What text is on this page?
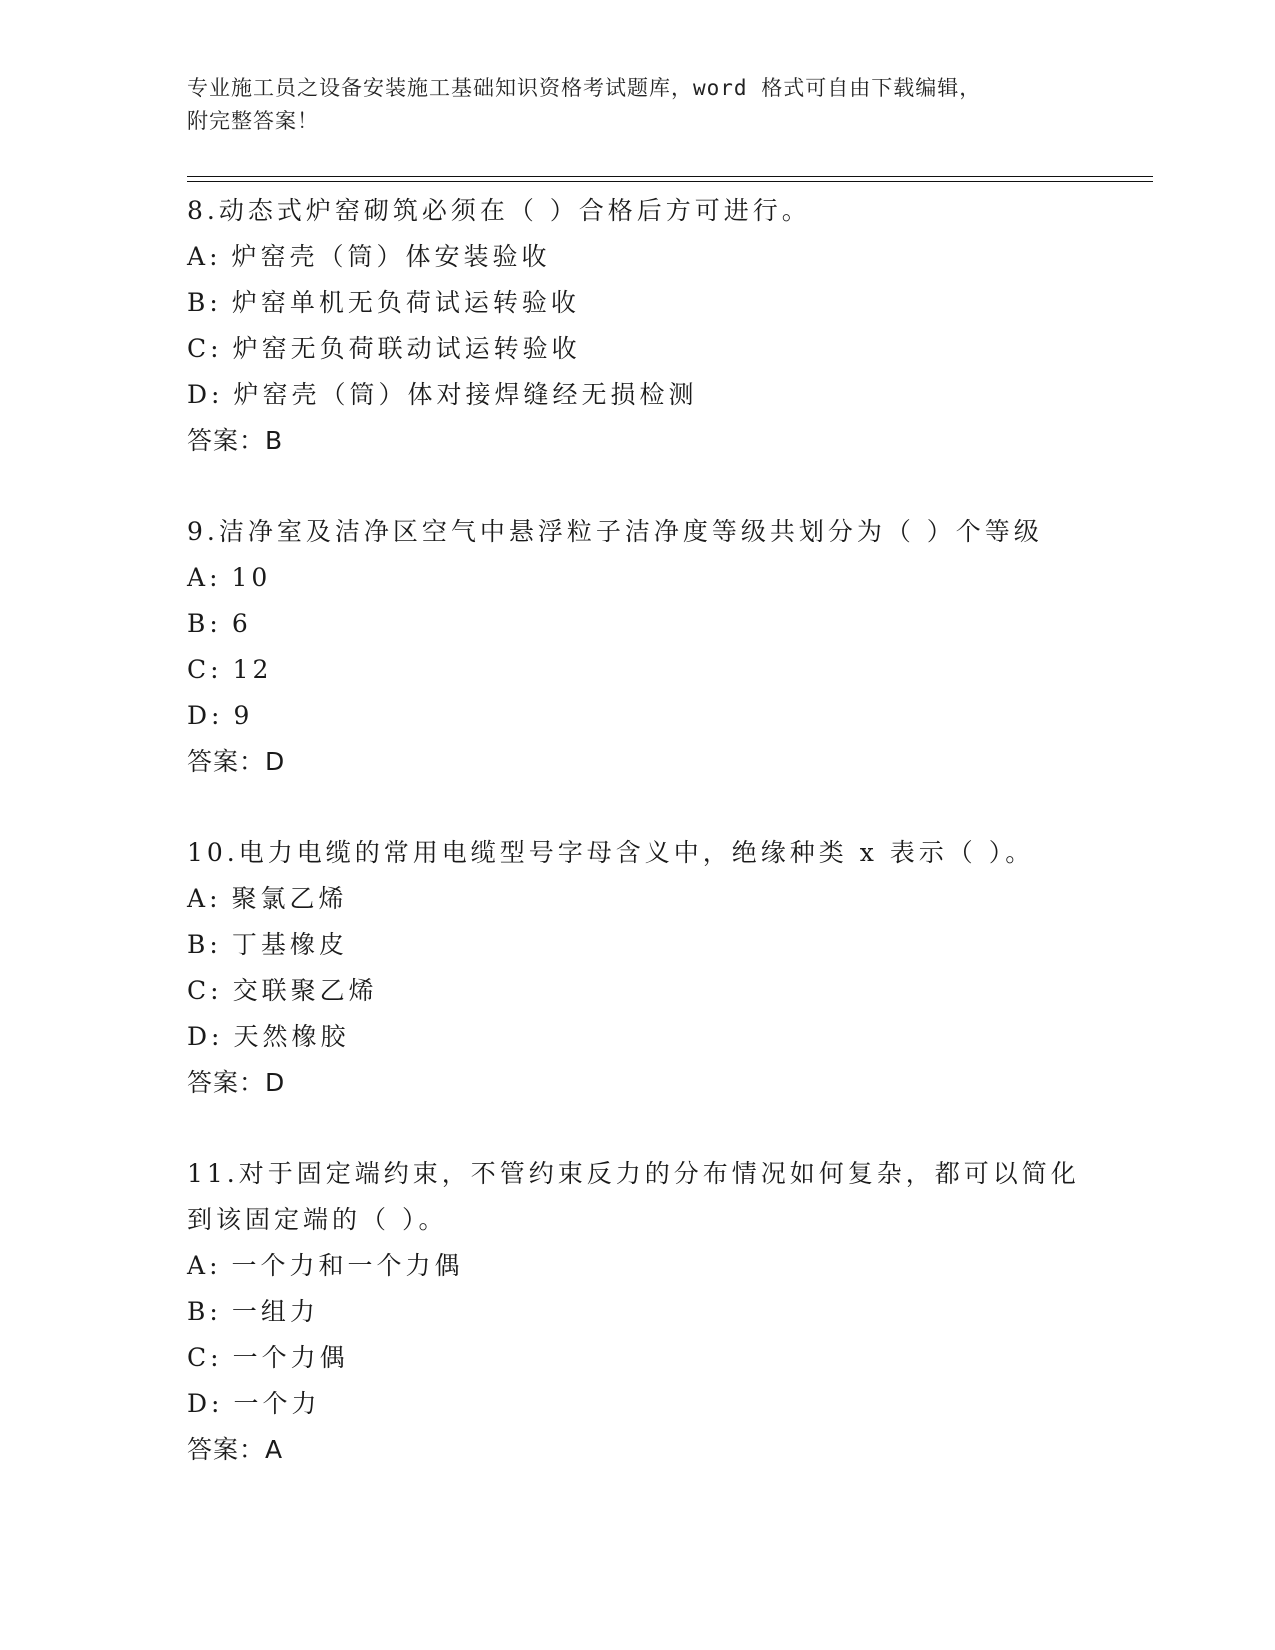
专业施工员之设备安装施工基础知识资格考试题库，word 格式可自由下载编辑，
附完整答案！
8.动态式炉窑砌筑必须在（ ）合格后方可进行。
A: 炉窑壳（筒）体安装验收
B: 炉窑单机无负荷试运转验收
C: 炉窑无负荷联动试运转验收
D: 炉窑壳（筒）体对接焊缝经无损检测
答案：B
9.洁净室及洁净区空气中悬浮粒子洁净度等级共划分为（ ）个等级
A: 10
B: 6
C: 12
D: 9
答案：D
10.电力电缆的常用电缆型号字母含义中，绝缘种类 x 表示（ ）。
A: 聚氯乙烯
B: 丁基橡皮
C: 交联聚乙烯
D: 天然橡胶
答案：D
11.对于固定端约束，不管约束反力的分布情况如何复杂，都可以简化到该固定端的（ ）。
A: 一个力和一个力偶
B: 一组力
C: 一个力偶
D: 一个力
答案：A
